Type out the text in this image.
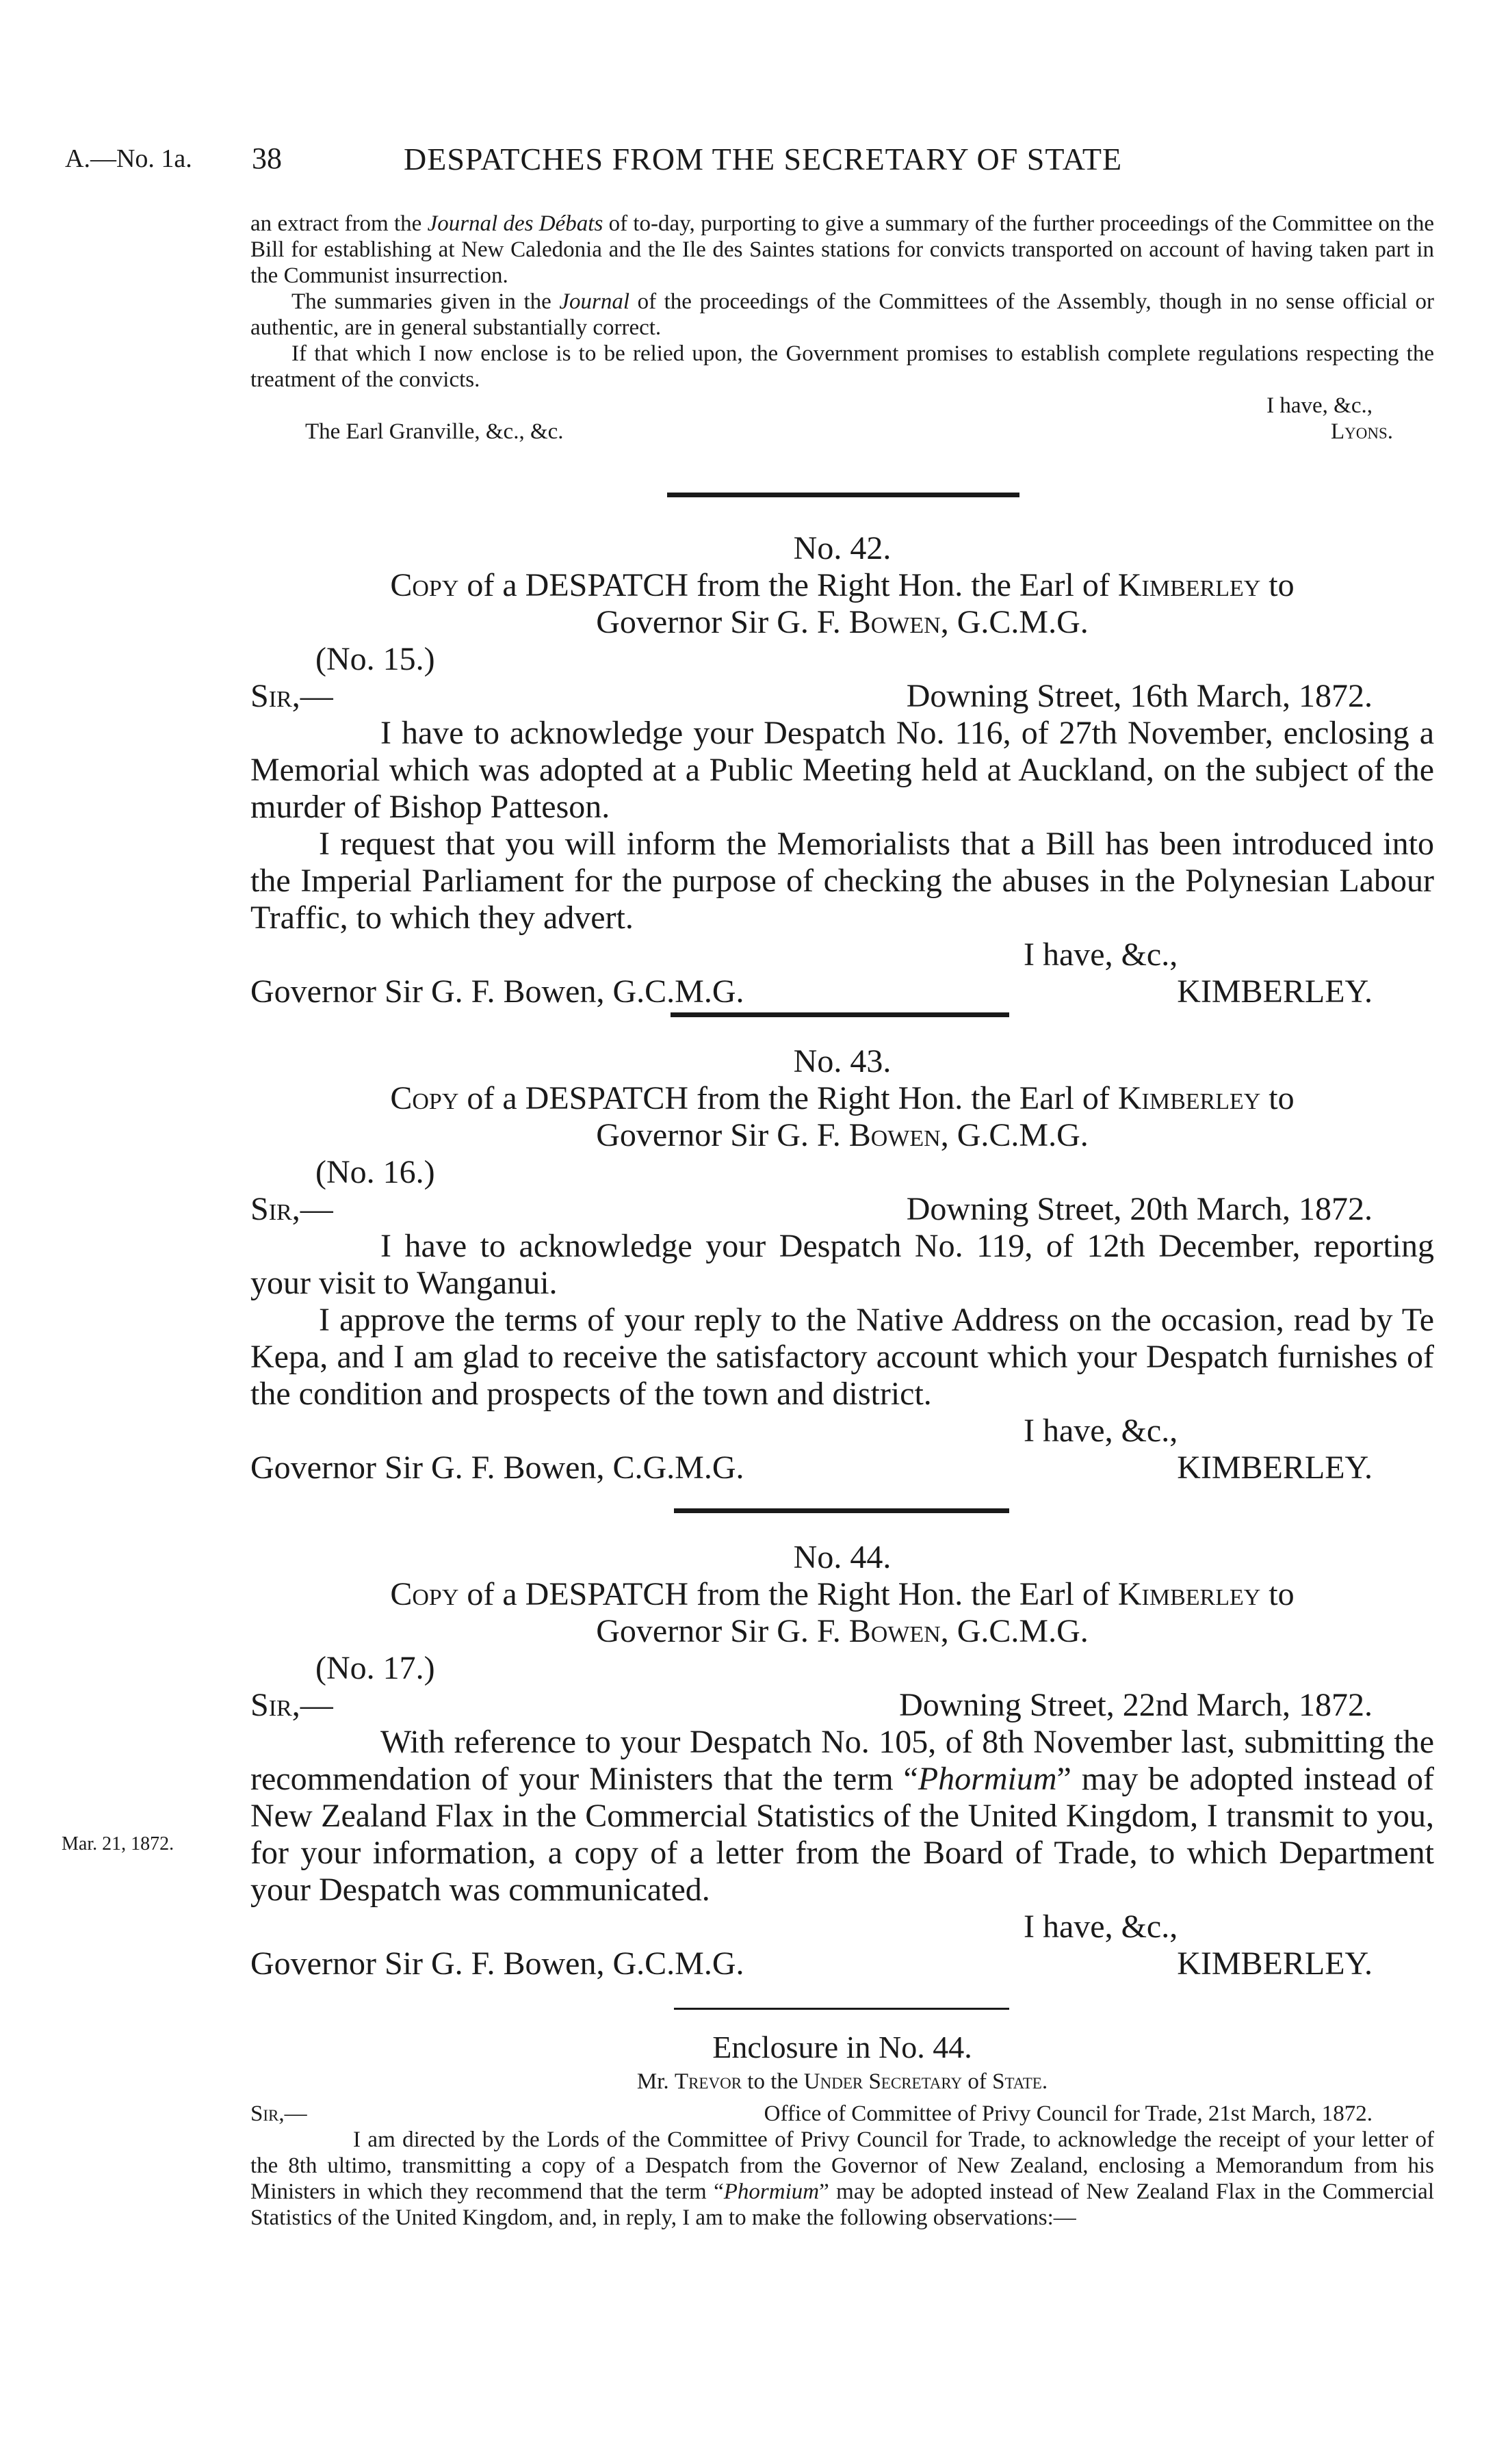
A.—No. 1a. 38	DESPATCHES FROM THE SECRETARY OF STATE

an extract from the Journal des Débats of to-day, purporting to give a summary of the further proceedings of the Committee on the Bill for establishing at New Caledonia and the Ile des Saintes stations for convicts transported on account of having taken part in the Communist insurrection.

The summaries given in the Journal of the proceedings of the Committees of the Assembly, though in no sense official or authentic, are in general substantially correct.

If that which I now enclose is to be relied upon, the Government promises to establish complete regulations respecting the treatment of the convicts.

I have, &c.,
The Earl Granville, &c., &c.	Lyons.
No. 42.
Copy of a DESPATCH from the Right Hon. the Earl of Kimberley to
Governor Sir G. F. Bowen, G.C.M.G.
(No. 15.)
Sir,—	Downing Street, 16th March, 1872.

I have to acknowledge your Despatch No. 116, of 27th November, enclosing a Memorial which was adopted at a Public Meeting held at Auckland, on the subject of the murder of Bishop Patteson.

I request that you will inform the Memorialists that a Bill has been introduced into the Imperial Parliament for the purpose of checking the abuses in the Polynesian Labour Traffic, to which they advert.

I have, &c.,
Governor Sir G. F. Bowen, G.C.M.G.	KIMBERLEY.
No. 43.
Copy of a DESPATCH from the Right Hon. the Earl of Kimberley to
Governor Sir G. F. Bowen, G.C.M.G.
(No. 16.)
Sir,—	Downing Street, 20th March, 1872.

I have to acknowledge your Despatch No. 119, of 12th December, reporting your visit to Wanganui.

I approve the terms of your reply to the Native Address on the occasion, read by Te Kepa, and I am glad to receive the satisfactory account which your Despatch furnishes of the condition and prospects of the town and district.

I have, &c.,
Governor Sir G. F. Bowen, C.G.M.G.	KIMBERLEY.
No. 44.
Copy of a DESPATCH from the Right Hon. the Earl of Kimberley to
Governor Sir G. F. Bowen, G.C.M.G.
(No. 17.)
Sir,—	Downing Street, 22nd March, 1872.

With reference to your Despatch No. 105, of 8th November last, submitting the recommendation of your Ministers that the term “Phormium” may be adopted instead of New Zealand Flax in the Commercial Statistics of the United Kingdom, I transmit to you, for your information, a copy of a letter from the Board of Trade, to which Department your Despatch was communicated.

I have, &c.,
Governor Sir G. F. Bowen, G.C.M.G.	KIMBERLEY.
Mar. 21, 1872.
Enclosure in No. 44.
Mr. Trevor to the Under Secretary of State.
Sir,—	Office of Committee of Privy Council for Trade, 21st March, 1872.

I am directed by the Lords of the Committee of Privy Council for Trade, to acknowledge the receipt of your letter of the 8th ultimo, transmitting a copy of a Despatch from the Governor of New Zealand, enclosing a Memorandum from his Ministers in which they recommend that the term “Phormium” may be adopted instead of New Zealand Flax in the Commercial Statistics of the United Kingdom, and, in reply, I am to make the following observations:—
